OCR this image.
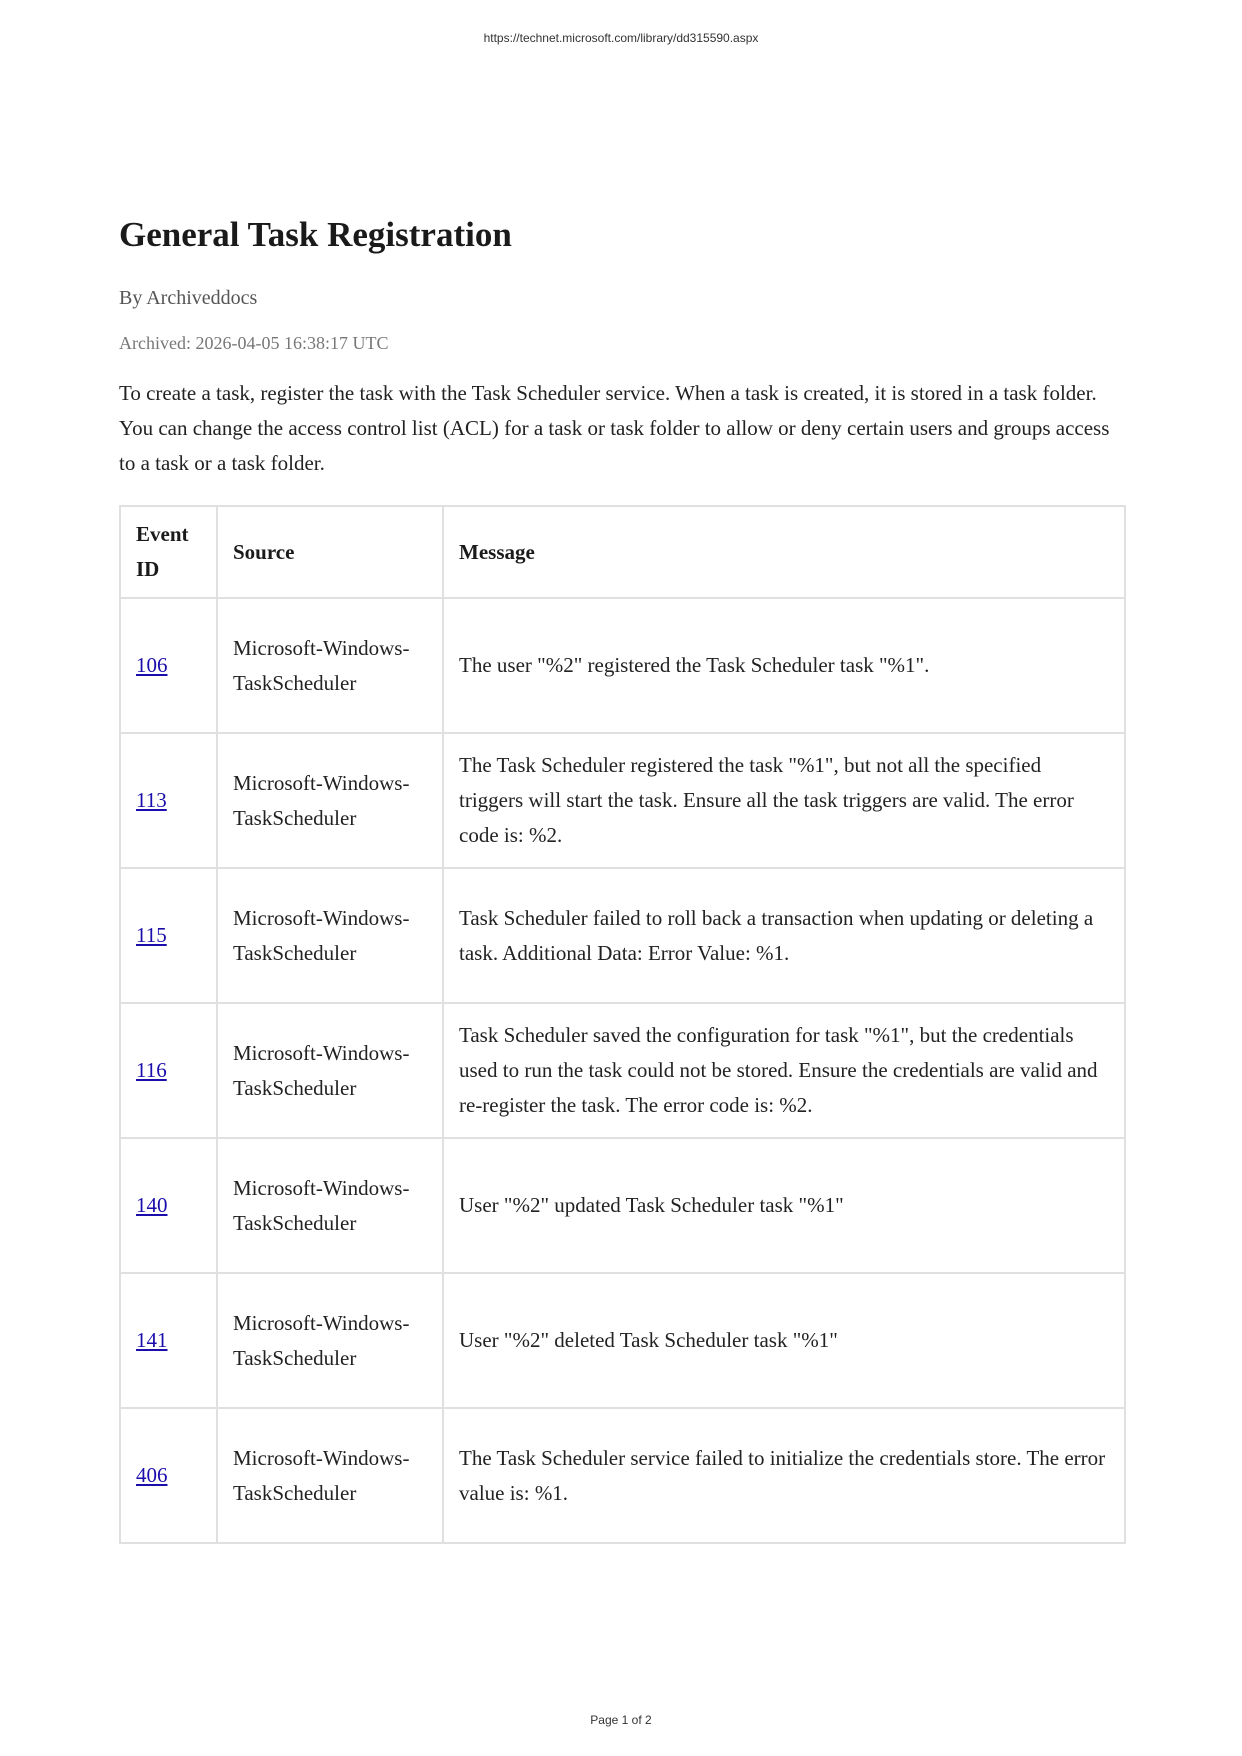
https://technet.microsoft.com/library/dd315590.aspx
General Task Registration
By Archiveddocs
Archived: 2026-04-05 16:38:17 UTC

To create a task, register the task with the Task Scheduler service. When a task is created, it is stored in a task folder. You can change the access control list (ACL) for a task or task folder to allow or deny certain users and groups access to a task or a task folder.

Event ID	Source	Message
106	Microsoft-Windows-TaskScheduler	The user "%2" registered the Task Scheduler task "%1".
113	Microsoft-Windows-TaskScheduler	The Task Scheduler registered the task "%1", but not all the specified triggers will start the task. Ensure all the task triggers are valid. The error code is: %2.
115	Microsoft-Windows-TaskScheduler	Task Scheduler failed to roll back a transaction when updating or deleting a task. Additional Data: Error Value: %1.
116	Microsoft-Windows-TaskScheduler	Task Scheduler saved the configuration for task "%1", but the credentials used to run the task could not be stored. Ensure the credentials are valid and re-register the task. The error code is: %2.
140	Microsoft-Windows-TaskScheduler	User "%2" updated Task Scheduler task "%1"
141	Microsoft-Windows-TaskScheduler	User "%2" deleted Task Scheduler task "%1"
406	Microsoft-Windows-TaskScheduler	The Task Scheduler service failed to initialize the credentials store. The error value is: %1.
Page 1 of 2
